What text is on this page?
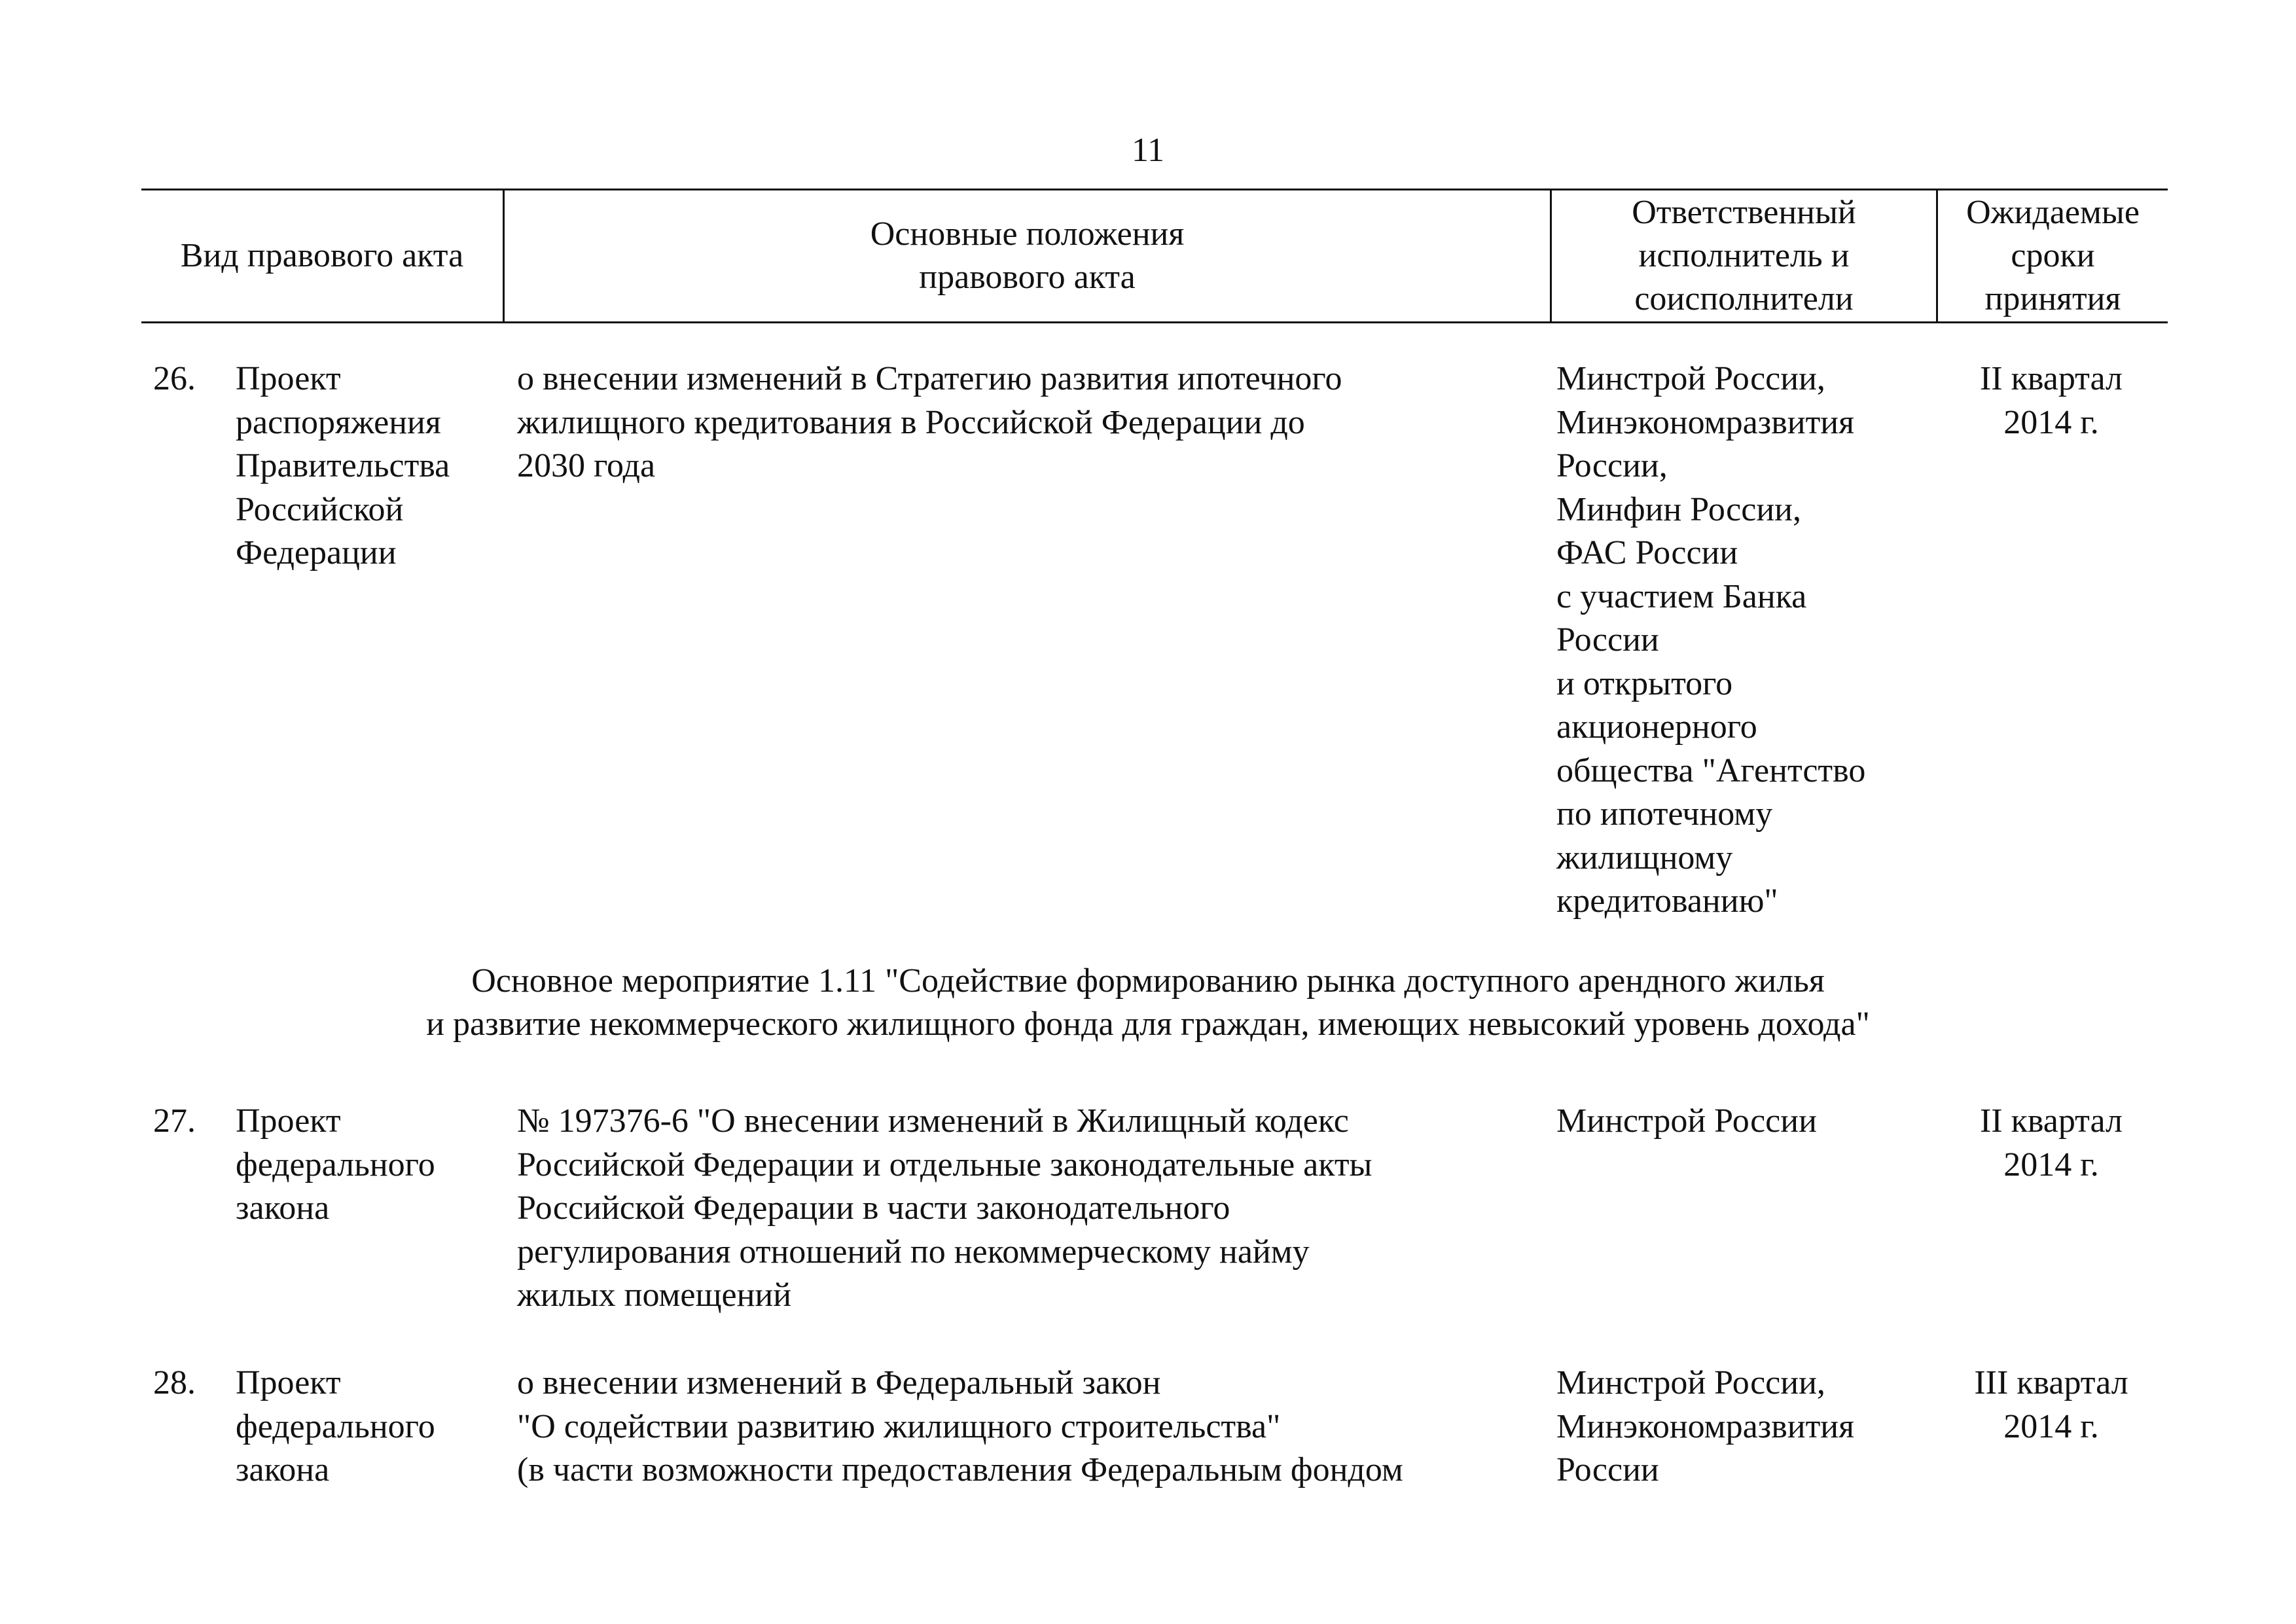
11
Вид правового акта
Основные положения
правового акта
Ответственный
исполнитель и
соисполнители
Ожидаемые
сроки
принятия
26. Проект
распоряжения
Правительства
Российской
Федерации
о внесении изменений в Стратегию развития ипотечного
жилищного кредитования в Российской Федерации до
2030 года
Минстрой России,
Минэкономразвития
России,
Минфин России,
ФАС России
с участием Банка
России
и открытого
акционерного
общества "Агентство
по ипотечному
жилищному
кредитованию"
II квартал
2014 г.
Основное мероприятие 1.11 "Содействие формированию рынка доступного арендного жилья
и развитие некоммерческого жилищного фонда для граждан, имеющих невысокий уровень дохода"
27. Проект
федерального
закона
№ 197376-6 "О внесении изменений в Жилищный кодекс
Российской Федерации и отдельные законодательные акты
Российской Федерации в части законодательного
регулирования отношений по некоммерческому найму
жилых помещений
Минстрой России	II квартал
2014 г.
28. Проект
федерального
закона
о внесении изменений в Федеральный закон
"О содействии развитию жилищного строительства"
(в части возможности предоставления Федеральным фондом
Минстрой России,
Минэкономразвития
России
III квартал
2014 г.
